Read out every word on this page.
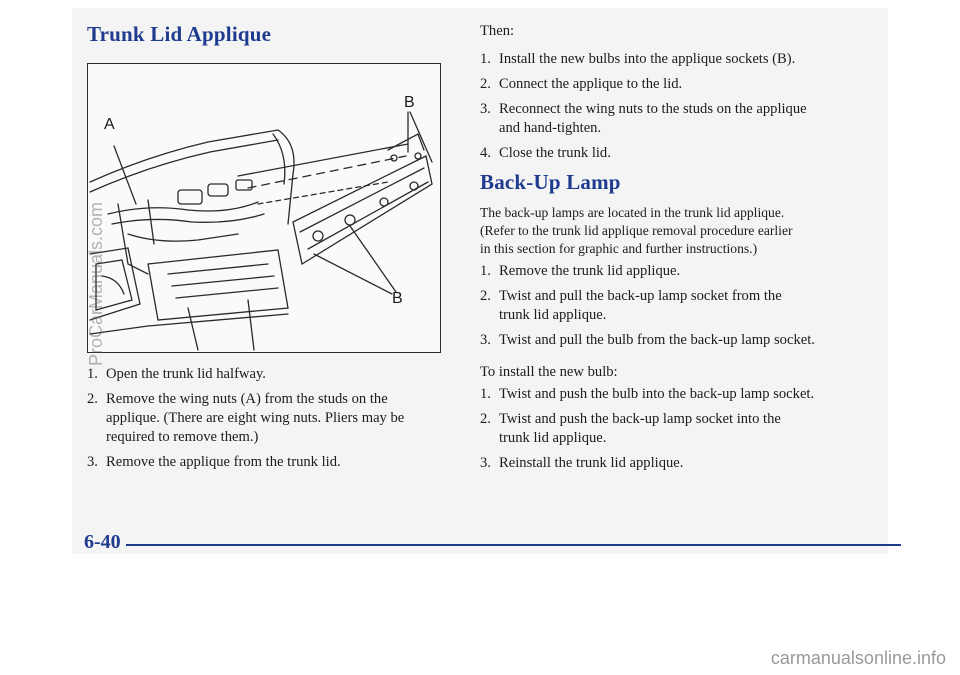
Trunk Lid Applique
A
B
B
1. Open the trunk lid halfway.
2. Remove the wing nuts (A) from the studs on the
applique. (There are eight wing nuts. Pliers may be
required to remove them.)
3. Remove the applique from the trunk lid.
Then:
1. Install the new bulbs into the applique sockets (B).
2. Connect the applique to the lid.
3. Reconnect the wing nuts to the studs on the applique
and hand-tighten.
4. Close the trunk lid.
Back-Up Lamp
The back-up lamps are located in the trunk lid applique.
(Refer to the trunk lid applique removal procedure earlier
in this section for graphic and further instructions.)
1. Remove the trunk lid applique.
2. Twist and pull the back-up lamp socket from the
trunk lid applique.
3. Twist and pull the bulb from the back-up lamp socket.
To install the new bulb:
1. Twist and push the bulb into the back-up lamp socket.
2. Twist and push the back-up lamp socket into the
trunk lid applique.
3. Reinstall the trunk lid applique.
6-40
ProCarManuals.com
carmanualsonline.info
